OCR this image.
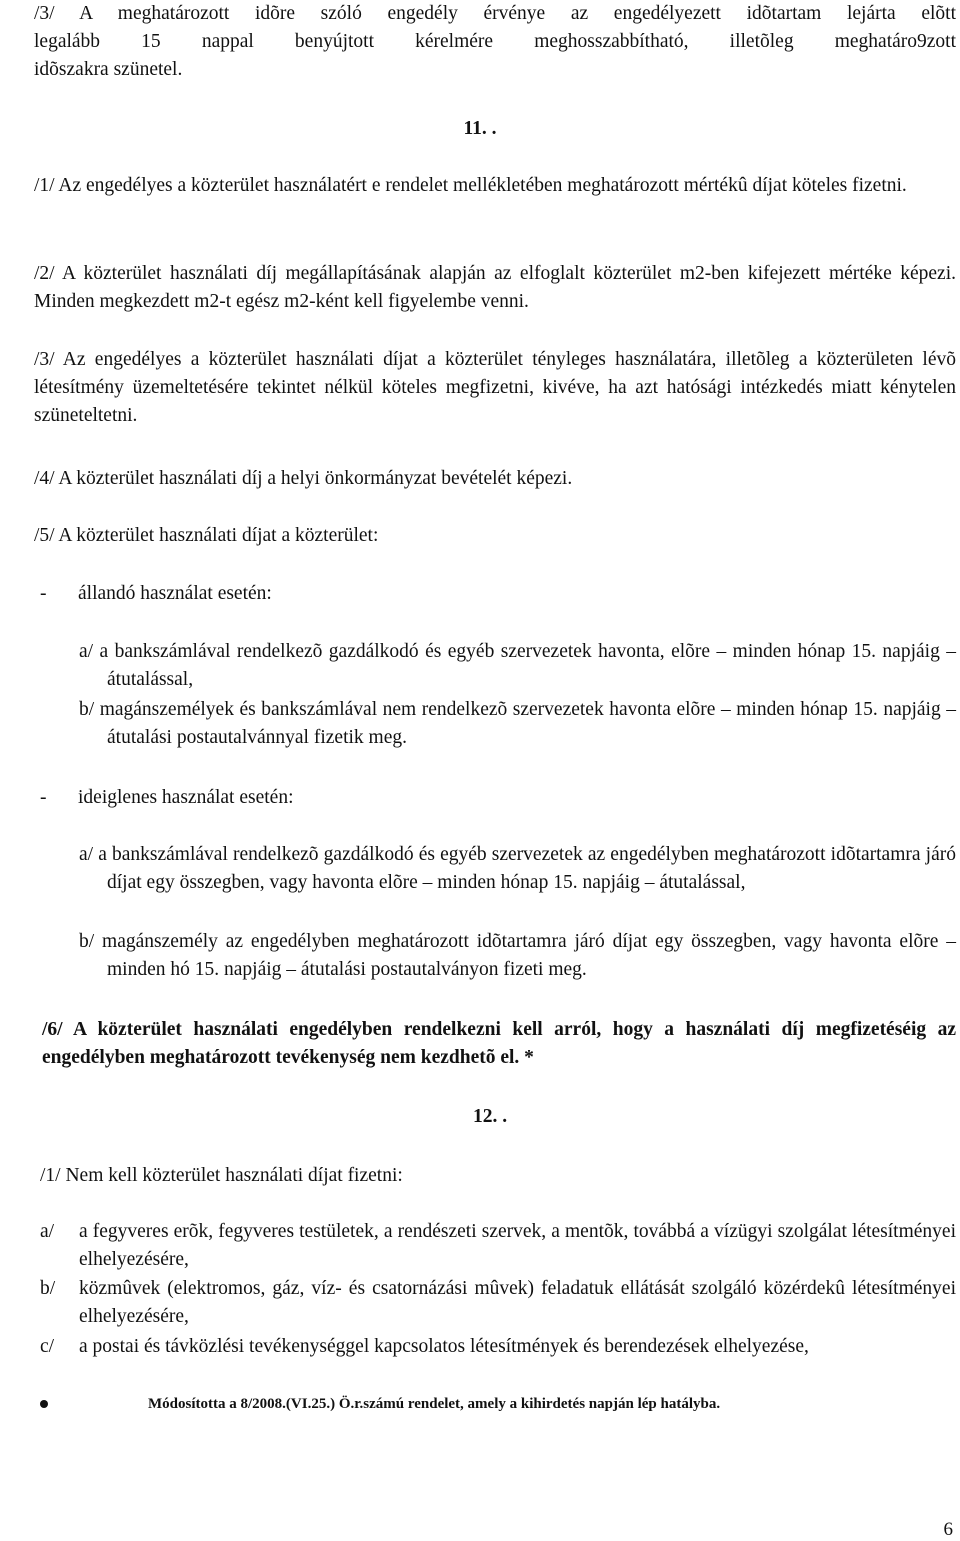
/3/ A meghatározott idõre szóló engedély érvénye az engedélyezett idõtartam lejárta elõtt

legalább 15 nappal benyújtott kérelmére meghosszabbítható, illetõleg meghatáro9zott

idõszakra szünetel.

11. .

/1/ Az engedélyes a közterület használatért e rendelet mellékletében meghatározott mértékû díjat köteles fizetni.

/2/ A közterület használati díj megállapításának alapján az elfoglalt közterület m2-ben kifejezett mértéke képezi. Minden megkezdett m2-t egész m2-ként kell figyelembe venni.

/3/ Az engedélyes a közterület használati díjat a közterület tényleges használatára, illetõleg a közterületen lévõ létesítmény üzemeltetésére tekintet nélkül köteles megfizetni, kivéve, ha azt hatósági intézkedés miatt kénytelen szüneteltetni.

/4/ A közterület használati díj a helyi önkormányzat bevételét képezi.

/5/ A közterület használati díjat a közterület:

- állandó használat esetén:

a/ a bankszámlával rendelkezõ gazdálkodó és egyéb szervezetek havonta, elõre – minden hónap 15. napjáig – átutalással,

b/ magánszemélyek és bankszámlával nem rendelkezõ szervezetek havonta elõre – minden hónap 15. napjáig – átutalási postautalvánnyal fizetik meg.

- ideiglenes használat esetén:

a/ a bankszámlával rendelkezõ gazdálkodó és egyéb szervezetek az engedélyben meghatározott idõtartamra járó díjat egy összegben, vagy havonta elõre – minden hónap 15. napjáig – átutalással,

b/ magánszemély az engedélyben meghatározott idõtartamra járó díjat egy összegben, vagy havonta elõre – minden hó 15. napjáig – átutalási postautalványon fizeti meg.

/6/ A közterület használati engedélyben rendelkezni kell arról, hogy a használati díj megfizetéséig az engedélyben meghatározott tevékenység nem kezdhetõ el. *

12. .

/1/ Nem kell közterület használati díjat fizetni:

a/ a fegyveres erõk, fegyveres testületek, a rendészeti szervek, a mentõk, továbbá a vízügyi szolgálat létesítményei elhelyezésére,

b/ közmûvek (elektromos, gáz, víz- és csatornázási mûvek) feladatuk ellátását szolgáló közérdekû létesítményei elhelyezésére,

c/ a postai és távközlési tevékenységgel kapcsolatos létesítmények és berendezések elhelyezése,

Módosította a 8/2008.(VI.25.) Ö.r.számú rendelet, amely a kihirdetés napján lép hatályba.
6
